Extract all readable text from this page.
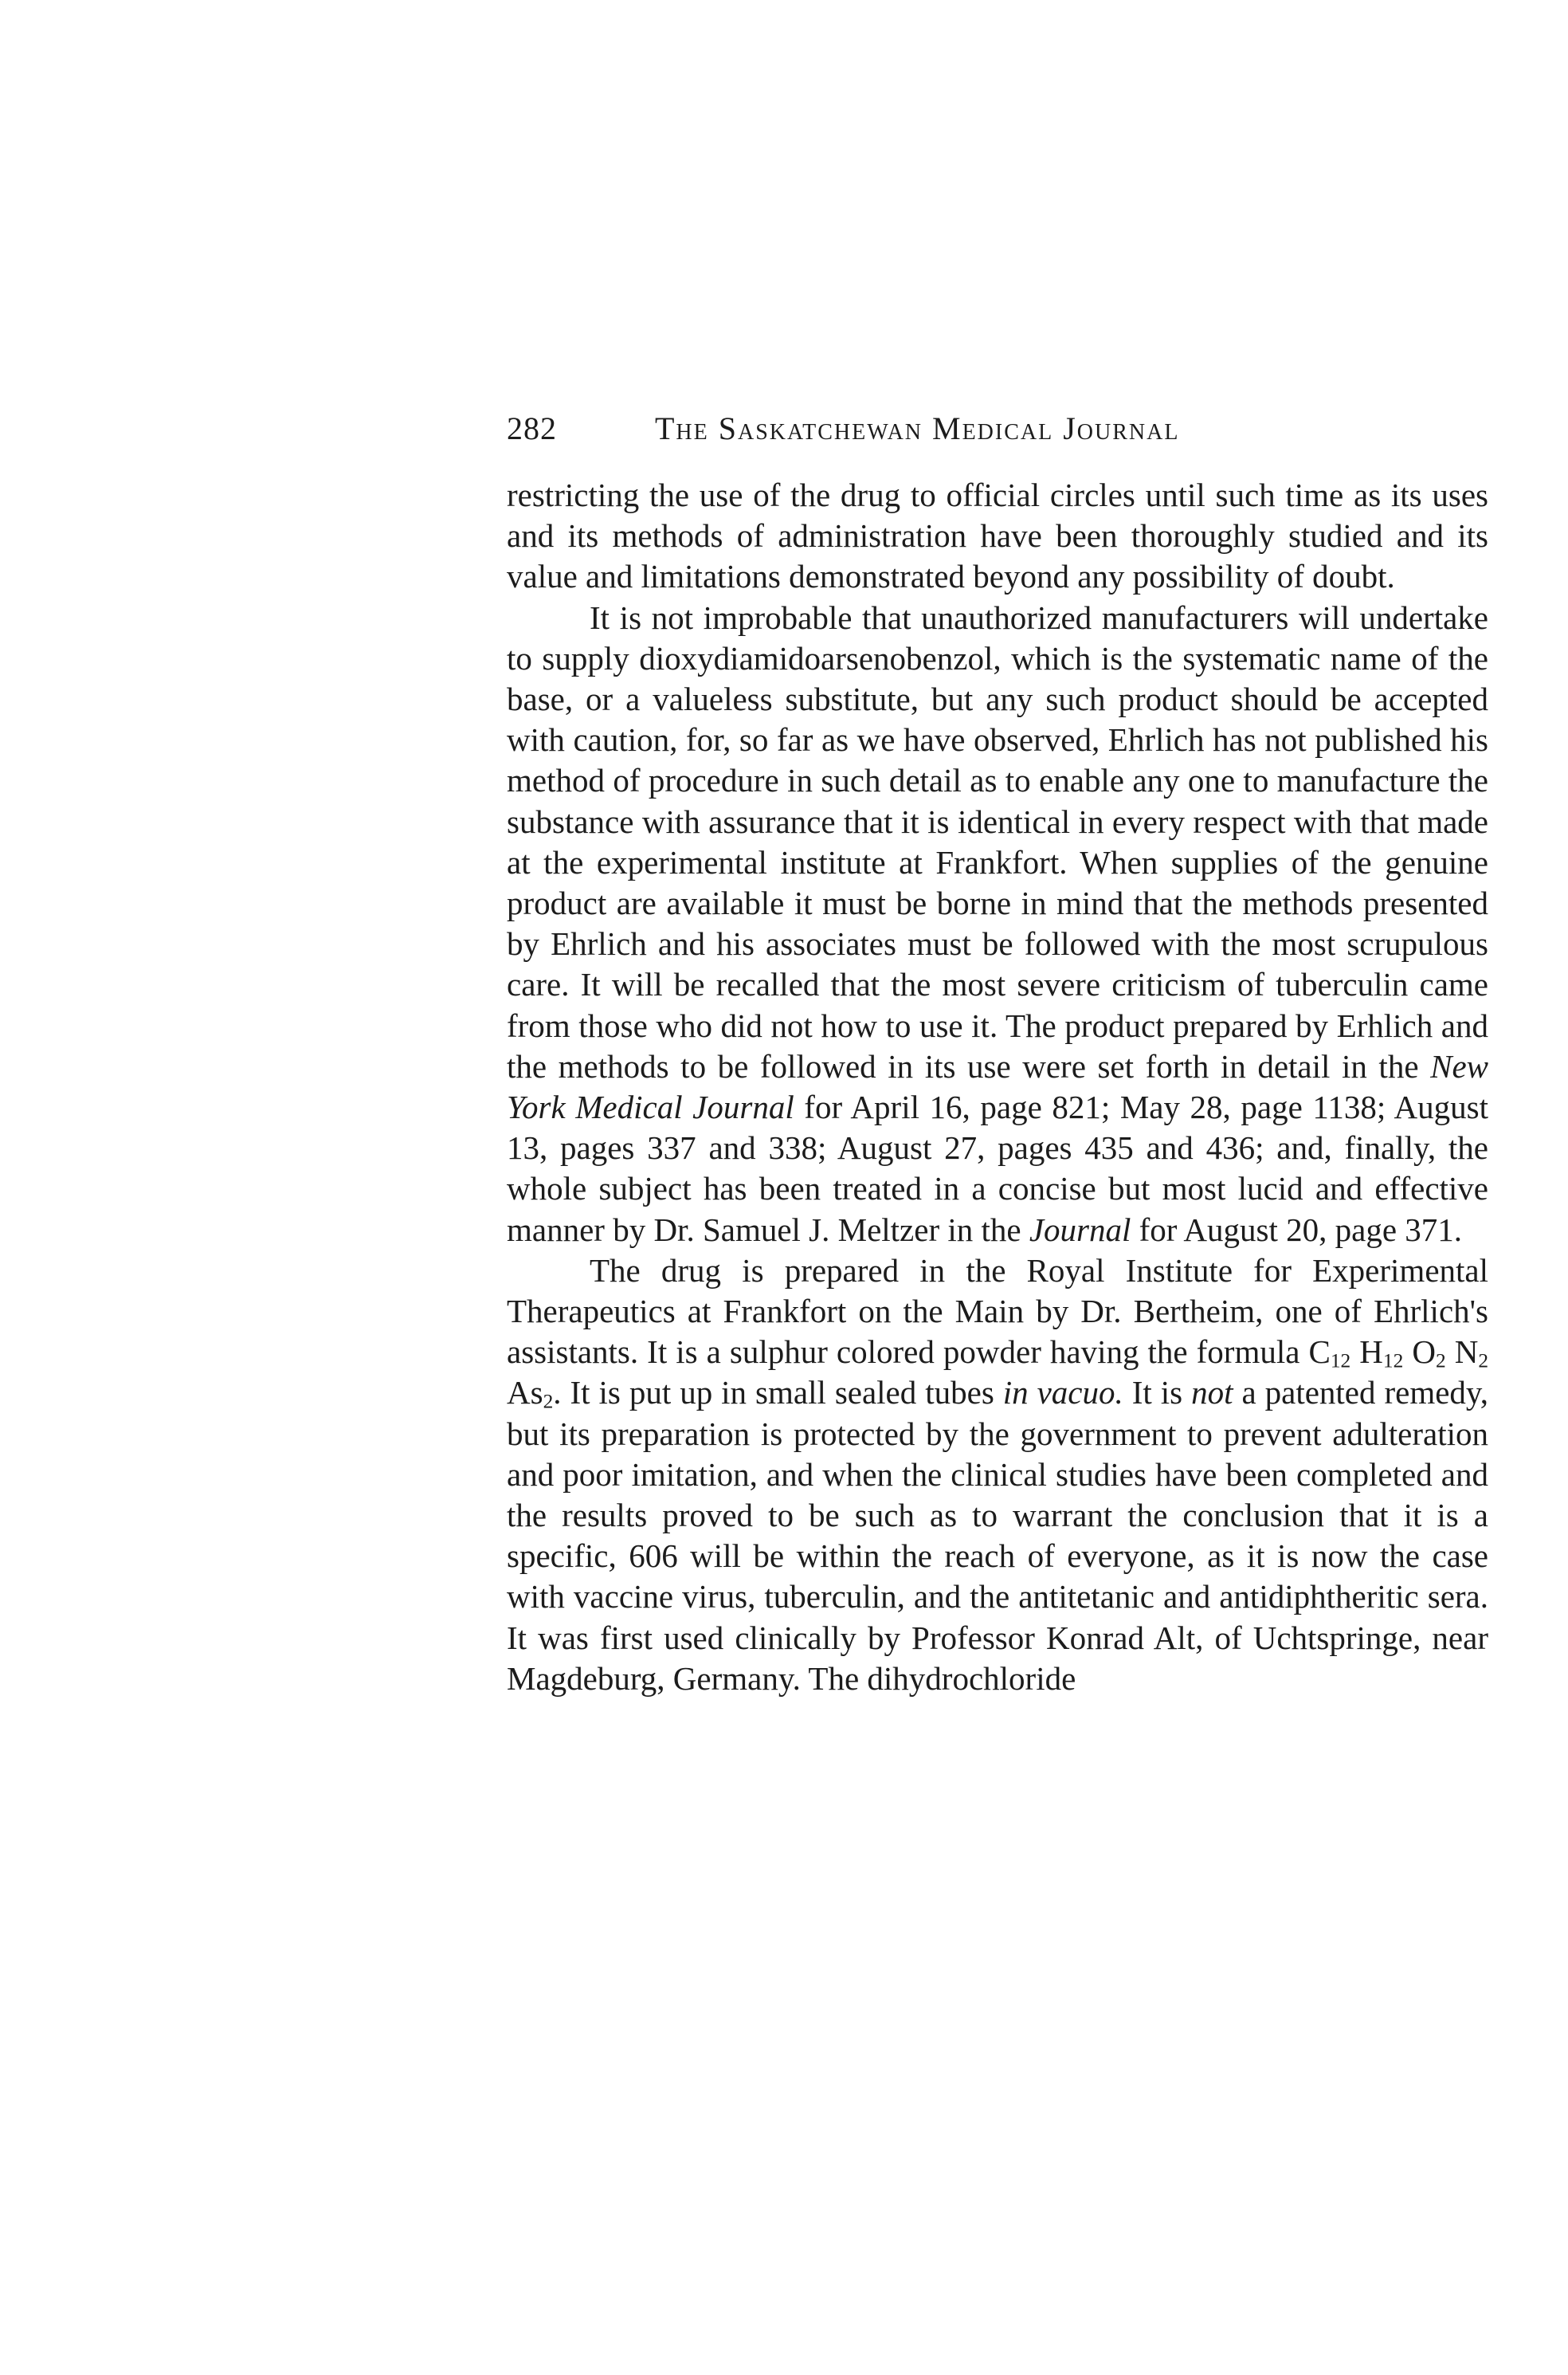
282	The Saskatchewan Medical Journal

restricting the use of the drug to official circles until such time as its uses and its methods of administration have been thoroughly studied and its value and limitations demonstrated beyond any possibility of doubt.

It is not improbable that unauthorized manufacturers will undertake to supply dioxydiamidoarsenobenzol, which is the systematic name of the base, or a valueless substitute, but any such product should be accepted with caution, for, so far as we have observed, Ehrlich has not published his method of procedure in such detail as to enable any one to manufacture the substance with assurance that it is identical in every respect with that made at the experimental institute at Frankfort. When supplies of the genuine product are available it must be borne in mind that the methods presented by Ehrlich and his associates must be followed with the most scrupulous care. It will be recalled that the most severe criticism of tuberculin came from those who did not how to use it. The product prepared by Erhlich and the methods to be followed in its use were set forth in detail in the New York Medical Journal for April 16, page 821; May 28, page 1138; August 13, pages 337 and 338; August 27, pages 435 and 436; and, finally, the whole subject has been treated in a concise but most lucid and effective manner by Dr. Samuel J. Meltzer in the Journal for August 20, page 371.

The drug is prepared in the Royal Institute for Experimental Therapeutics at Frankfort on the Main by Dr. Bertheim, one of Ehrlich's assistants. It is a sulphur colored powder having the formula $C_{12}$ $H_{12}$ $O_2$ $N_2$ $As_2$. It is put up in small sealed tubes in vacuo. It is not a patented remedy, but its preparation is protected by the government to prevent adulteration and poor imitation, and when the clinical studies have been completed and the results proved to be such as to warrant the conclusion that it is a specific, 606 will be within the reach of everyone, as it is now the case with vaccine virus, tuberculin, and the antitetanic and antidiphtheritic sera. It was first used clinically by Professor Konrad Alt, of Uchtspringe, near Magdeburg, Germany. The dihydrochloride
